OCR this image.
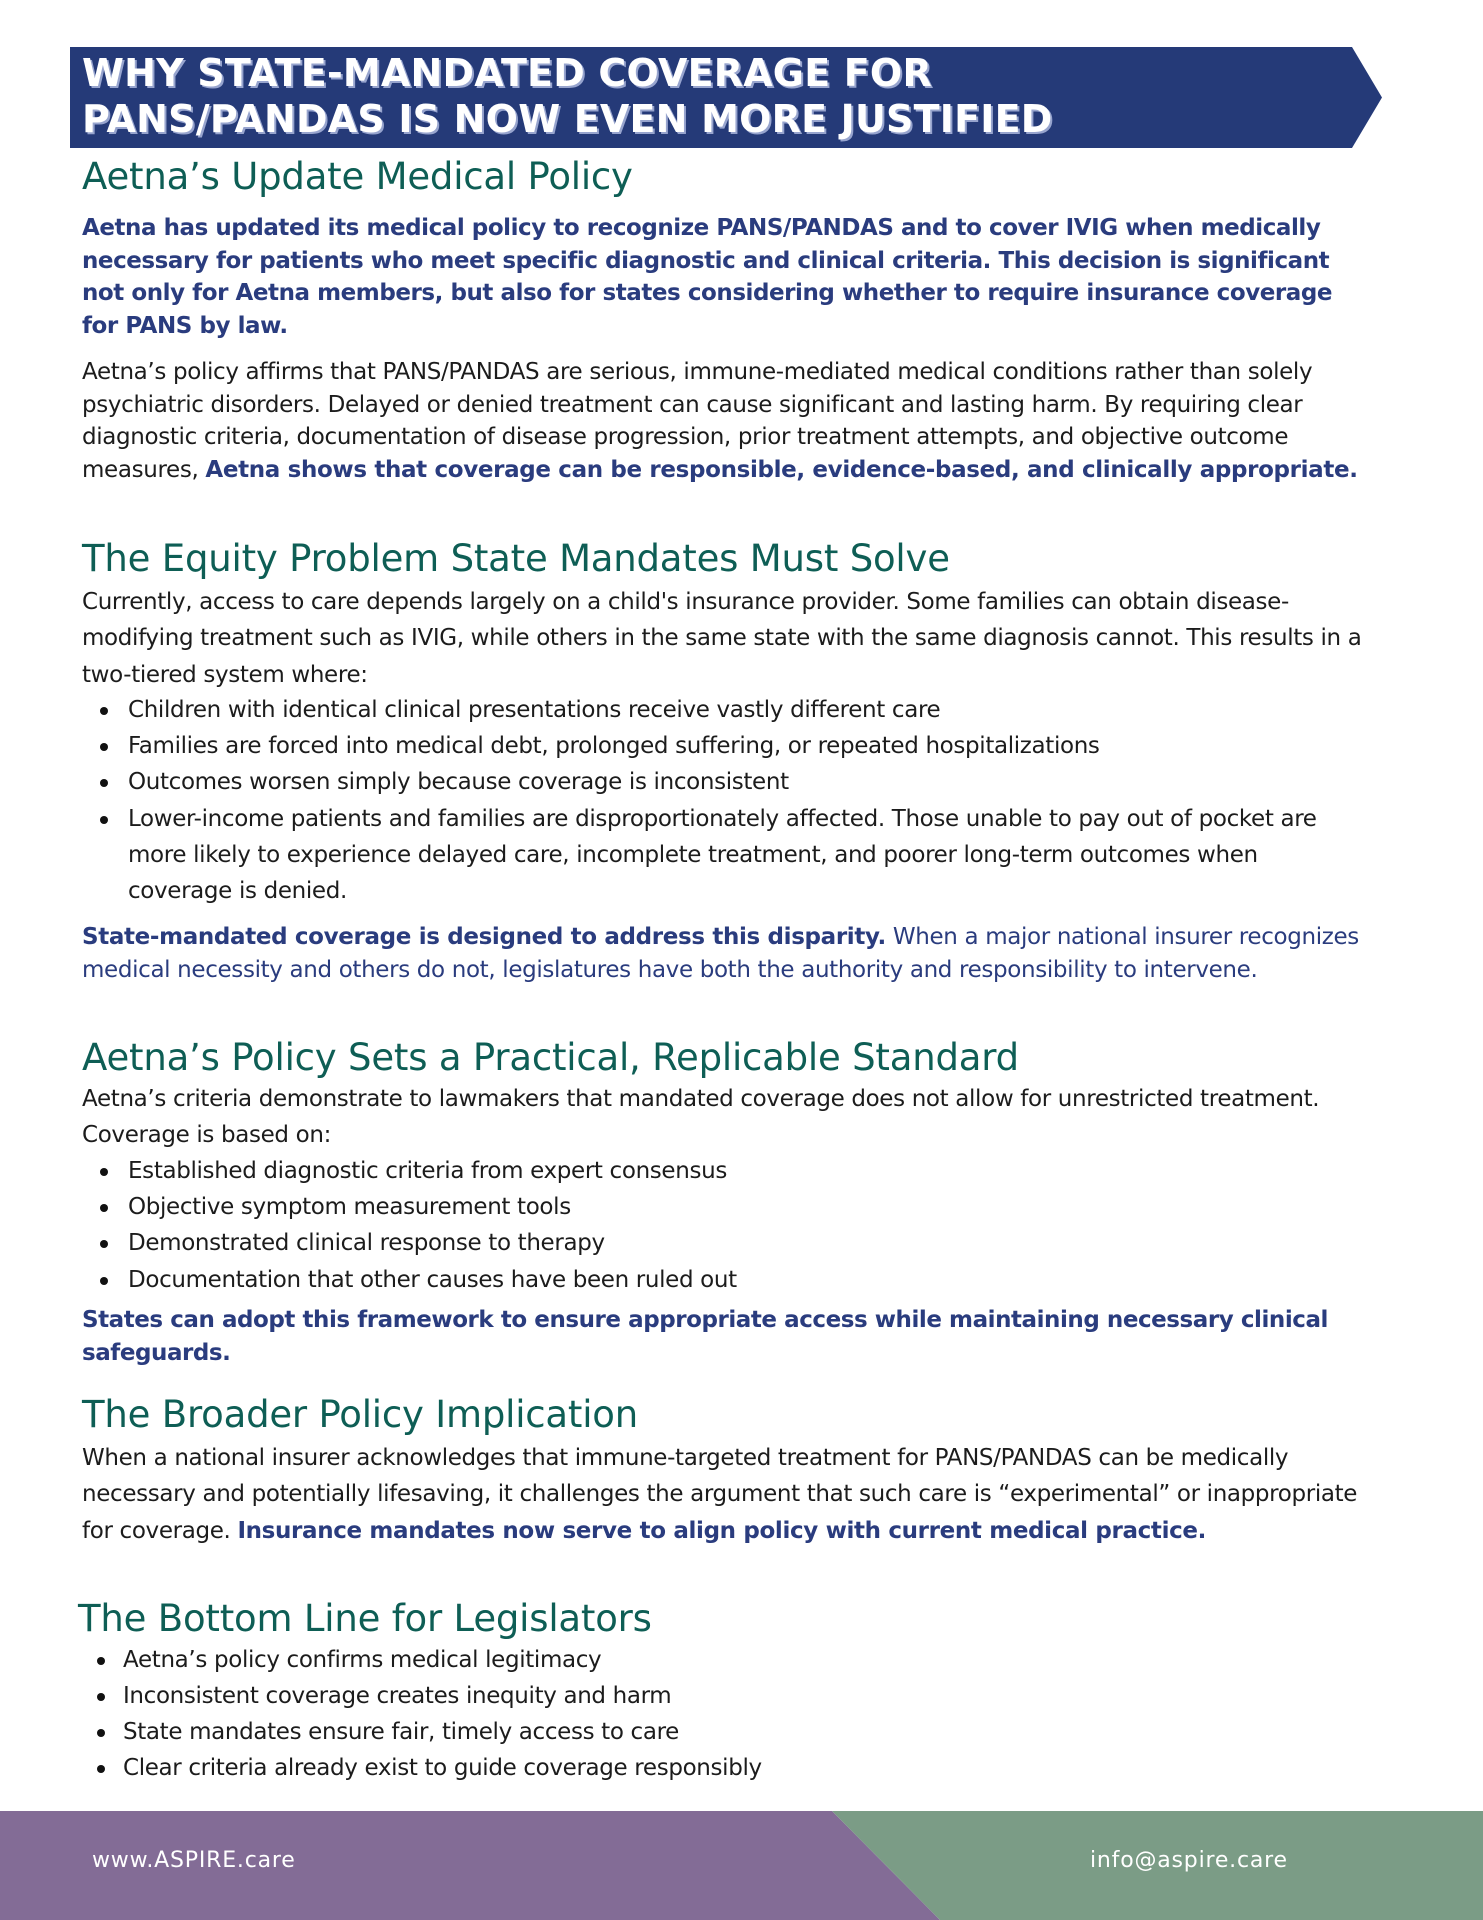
WHY STATE-MANDATED COVERAGE FOR
PANS/PANDAS IS NOW EVEN MORE JUSTIFIED
Aetna’s Update Medical Policy

Aetna has updated its medical policy to recognize PANS/PANDAS and to cover IVIG when medically necessary for patients who meet specific diagnostic and clinical criteria. This decision is significant not only for Aetna members, but also for states considering whether to require insurance coverage for PANS by law.

Aetna’s policy affirms that PANS/PANDAS are serious, immune-mediated medical conditions rather than solely psychiatric disorders. Delayed or denied treatment can cause significant and lasting harm. By requiring clear diagnostic criteria, documentation of disease progression, prior treatment attempts, and objective outcome measures, Aetna shows that coverage can be responsible, evidence-based, and clinically appropriate.

The Equity Problem State Mandates Must Solve

Currently, access to care depends largely on a child's insurance provider. Some families can obtain disease-modifying treatment such as IVIG, while others in the same state with the same diagnosis cannot. This results in a two-tiered system where:

Children with identical clinical presentations receive vastly different care
Families are forced into medical debt, prolonged suffering, or repeated hospitalizations
Outcomes worsen simply because coverage is inconsistent
Lower-income patients and families are disproportionately affected. Those unable to pay out of pocket are more likely to experience delayed care, incomplete treatment, and poorer long-term outcomes when coverage is denied.

State-mandated coverage is designed to address this disparity. When a major national insurer recognizes medical necessity and others do not, legislatures have both the authority and responsibility to intervene.

Aetna’s Policy Sets a Practical, Replicable Standard

Aetna’s criteria demonstrate to lawmakers that mandated coverage does not allow for unrestricted treatment. Coverage is based on:

Established diagnostic criteria from expert consensus
Objective symptom measurement tools
Demonstrated clinical response to therapy
Documentation that other causes have been ruled out

States can adopt this framework to ensure appropriate access while maintaining necessary clinical safeguards.

The Broader Policy Implication

When a national insurer acknowledges that immune-targeted treatment for PANS/PANDAS can be medically necessary and potentially lifesaving, it challenges the argument that such care is “experimental” or inappropriate for coverage. Insurance mandates now serve to align policy with current medical practice.

The Bottom Line for Legislators
Aetna’s policy confirms medical legitimacy
Inconsistent coverage creates inequity and harm
State mandates ensure fair, timely access to care
Clear criteria already exist to guide coverage responsibly
www.ASPIRE.care	info@aspire.care
